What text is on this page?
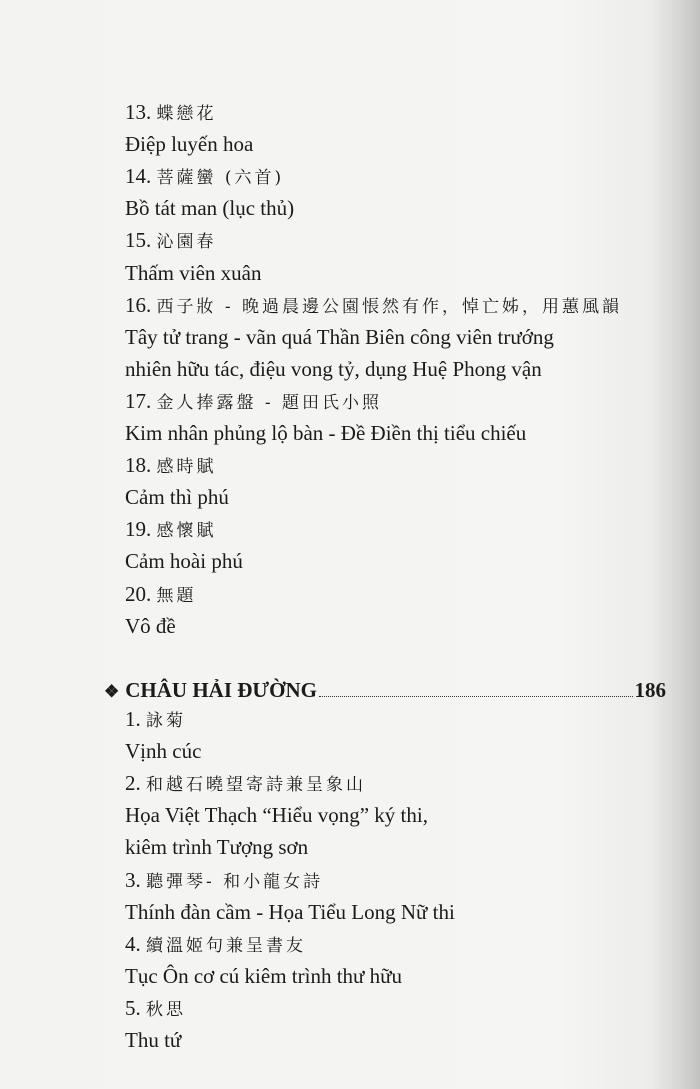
13. 蝶戀花
Điệp luyến hoa
14. 菩薩蠻 (六首)
Bồ tát man (lục thủ)
15. 沁園春
Thấm viên xuân
16. 西子妝 - 晚過晨邊公園悵然有作，悼亡姊，用蕙風韻
Tây tử trang - vãn quá Thần Biên công viên trướng
nhiên hữu tác, điệu vong tỷ, dụng Huệ Phong vận
17. 金人捧露盤 - 題田氏小照
Kim nhân phủng lộ bàn - Đề Điền thị tiểu chiếu
18. 感時賦
Cảm thì phú
19. 感懷賦
Cảm hoài phú
20. 無題
Vô đề
❖ CHÂU HẢI ĐƯỜNG	186
1. 詠菊
Vịnh cúc
2. 和越石曉望寄詩兼呈象山
Họa Việt Thạch “Hiểu vọng” ký thi,
kiêm trình Tượng sơn
3. 聽彈琴- 和小龍女詩
Thính đàn cầm - Họa Tiểu Long Nữ thi
4. 續溫姬句兼呈書友
Tục Ôn cơ cú kiêm trình thư hữu
5. 秋思
Thu tứ
